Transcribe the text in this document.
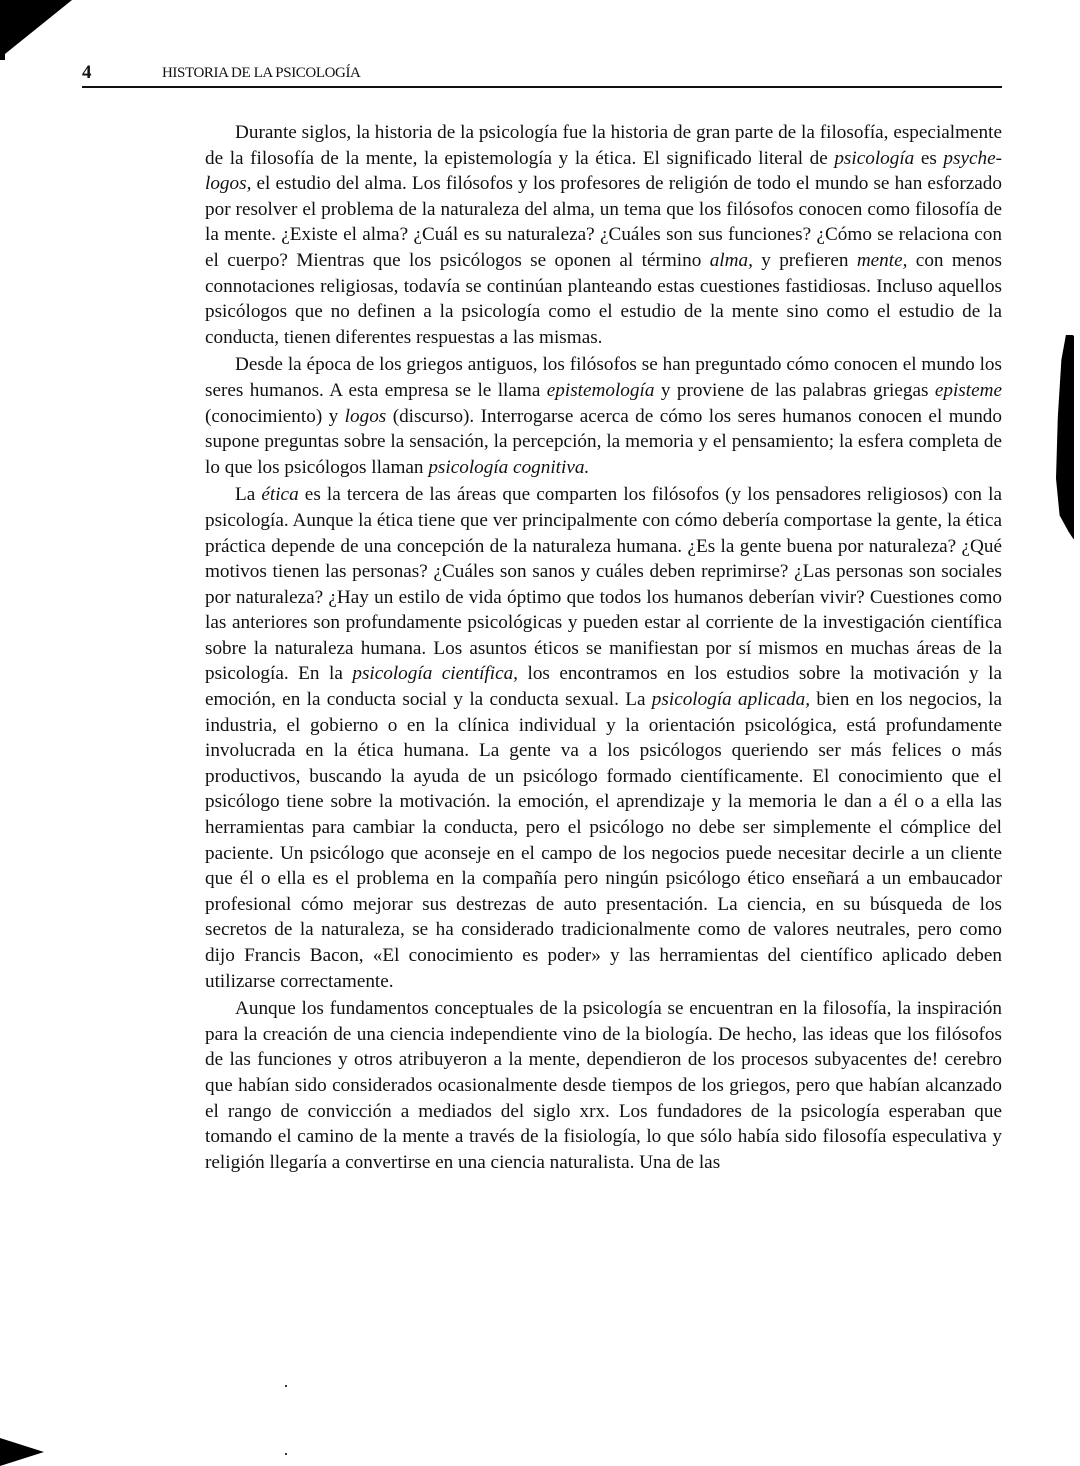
4	HISTORIA DE LA PSICOLOGÍA

Durante siglos, la historia de la psicología fue la historia de gran parte de la filosofía, especialmente de la filosofía de la mente, la epistemología y la ética. El significado literal de psicología es psyche-logos, el estudio del alma. Los filósofos y los profesores de religión de todo el mundo se han esforzado por resolver el problema de la naturaleza del alma, un tema que los filósofos conocen como filosofía de la mente. ¿Existe el alma? ¿Cuál es su naturaleza? ¿Cuáles son sus funciones? ¿Cómo se relaciona con el cuerpo? Mientras que los psicólogos se oponen al término alma, y prefieren mente, con menos connotaciones religiosas, todavía se continúan planteando estas cuestiones fastidiosas. Incluso aquellos psicólogos que no definen a la psicología como el estudio de la mente sino como el estudio de la conducta, tienen diferentes respuestas a las mismas.

Desde la época de los griegos antiguos, los filósofos se han preguntado cómo conocen el mundo los seres humanos. A esta empresa se le llama epistemología y proviene de las palabras griegas episteme (conocimiento) y logos (discurso). Interrogarse acerca de cómo los seres humanos conocen el mundo supone preguntas sobre la sensación, la percepción, la memoria y el pensamiento; la esfera completa de lo que los psicólogos llaman psicología cognitiva.

La ética es la tercera de las áreas que comparten los filósofos (y los pensadores religiosos) con la psicología. Aunque la ética tiene que ver principalmente con cómo debería comportase la gente, la ética práctica depende de una concepción de la naturaleza humana. ¿Es la gente buena por naturaleza? ¿Qué motivos tienen las personas? ¿Cuáles son sanos y cuáles deben reprimirse? ¿Las personas son sociales por naturaleza? ¿Hay un estilo de vida óptimo que todos los humanos deberían vivir? Cuestiones como las anteriores son profundamente psicológicas y pueden estar al corriente de la investigación científica sobre la naturaleza humana. Los asuntos éticos se manifiestan por sí mismos en muchas áreas de la psicología. En la psicología científica, los encontramos en los estudios sobre la motivación y la emoción, en la conducta social y la conducta sexual. La psicología aplicada, bien en los negocios, la industria, el gobierno o en la clínica individual y la orientación psicológica, está profundamente involucrada en la ética humana. La gente va a los psicólogos queriendo ser más felices o más productivos, buscando la ayuda de un psicólogo formado científicamente. El conocimiento que el psicólogo tiene sobre la motivación. la emoción, el aprendizaje y la memoria le dan a él o a ella las herramientas para cambiar la conducta, pero el psicólogo no debe ser simplemente el cómplice del paciente. Un psicólogo que aconseje en el campo de los negocios puede necesitar decirle a un cliente que él o ella es el problema en la compañía pero ningún psicólogo ético enseñará a un embaucador profesional cómo mejorar sus destrezas de auto presentación. La ciencia, en su búsqueda de los secretos de la naturaleza, se ha considerado tradicionalmente como de valores neutrales, pero como dijo Francis Bacon, «El conocimiento es poder» y las herramientas del científico aplicado deben utilizarse correctamente.

Aunque los fundamentos conceptuales de la psicología se encuentran en la filosofía, la inspiración para la creación de una ciencia independiente vino de la biología. De hecho, las ideas que los filósofos de las funciones y otros atribuyeron a la mente, dependieron de los procesos subyacentes de! cerebro que habían sido considerados ocasionalmente desde tiempos de los griegos, pero que habían alcanzado el rango de convicción a mediados del siglo xrx. Los fundadores de la psicología esperaban que tomando el camino de la mente a través de la fisiología, lo que sólo había sido filosofía especulativa y religión llegaría a convertirse en una ciencia naturalista. Una de las
